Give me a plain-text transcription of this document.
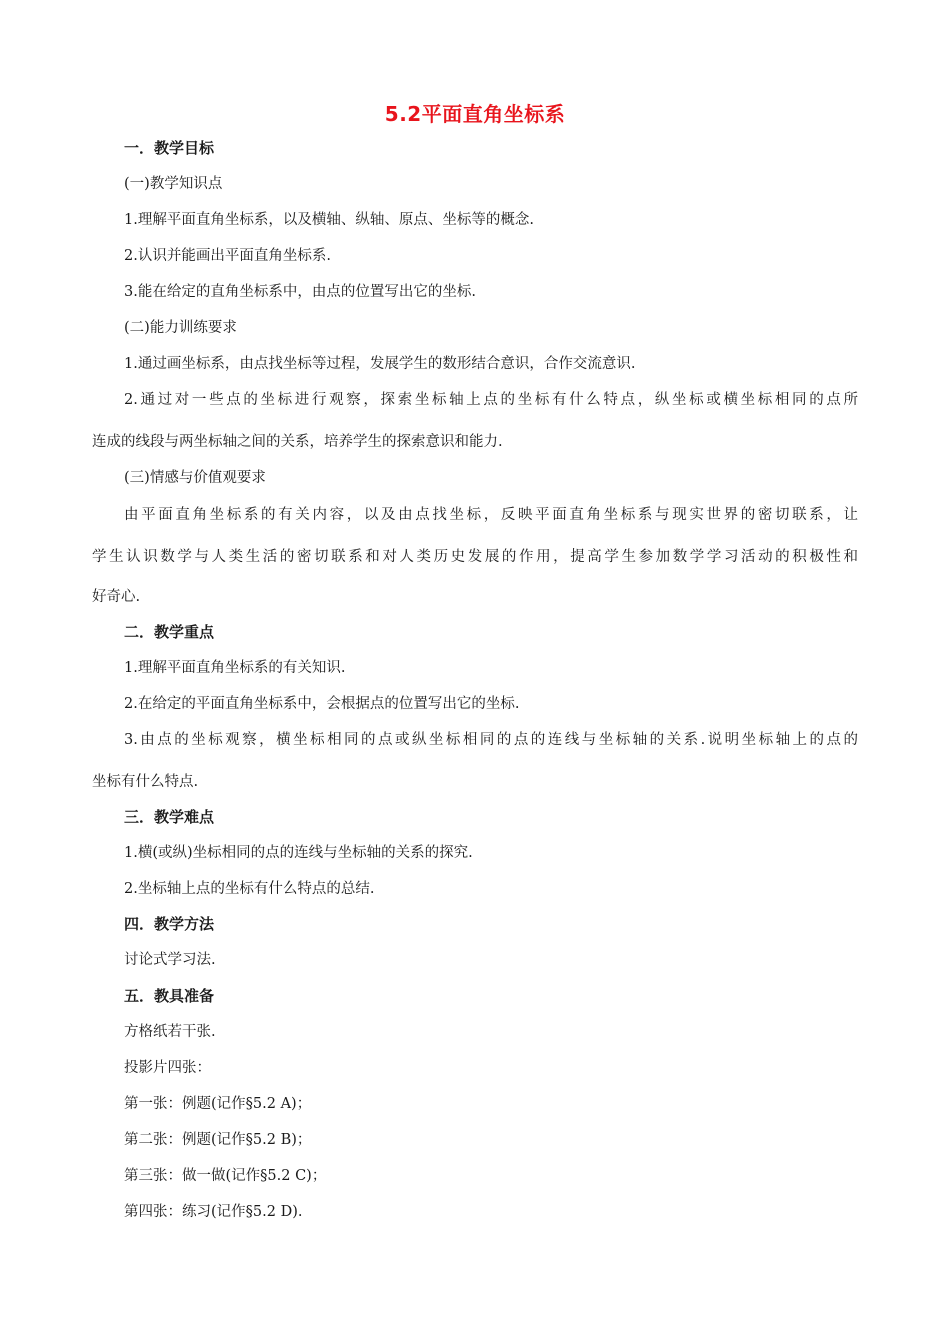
5.2平面直角坐标系
一．教学目标
(一)教学知识点
1.理解平面直角坐标系，以及横轴、纵轴、原点、坐标等的概念.
2.认识并能画出平面直角坐标系.
3.能在给定的直角坐标系中，由点的位置写出它的坐标.
(二)能力训练要求
1.通过画坐标系，由点找坐标等过程，发展学生的数形结合意识，合作交流意识.
2.通过对一些点的坐标进行观察，探索坐标轴上点的坐标有什么特点，纵坐标或横坐标相同的点所
连成的线段与两坐标轴之间的关系，培养学生的探索意识和能力.
(三)情感与价值观要求
由平面直角坐标系的有关内容，以及由点找坐标，反映平面直角坐标系与现实世界的密切联系，让
学生认识数学与人类生活的密切联系和对人类历史发展的作用，提高学生参加数学学习活动的积极性和
好奇心.
二．教学重点
1.理解平面直角坐标系的有关知识.
2.在给定的平面直角坐标系中，会根据点的位置写出它的坐标.
3.由点的坐标观察，横坐标相同的点或纵坐标相同的点的连线与坐标轴的关系.说明坐标轴上的点的
坐标有什么特点.
三．教学难点
1.横(或纵)坐标相同的点的连线与坐标轴的关系的探究.
2.坐标轴上点的坐标有什么特点的总结.
四．教学方法
讨论式学习法.
五．教具准备
方格纸若干张.
投影片四张：
第一张：例题(记作§5.2 A)；
第二张：例题(记作§5.2 B)；
第三张：做一做(记作§5.2 C)；
第四张：练习(记作§5.2 D).
